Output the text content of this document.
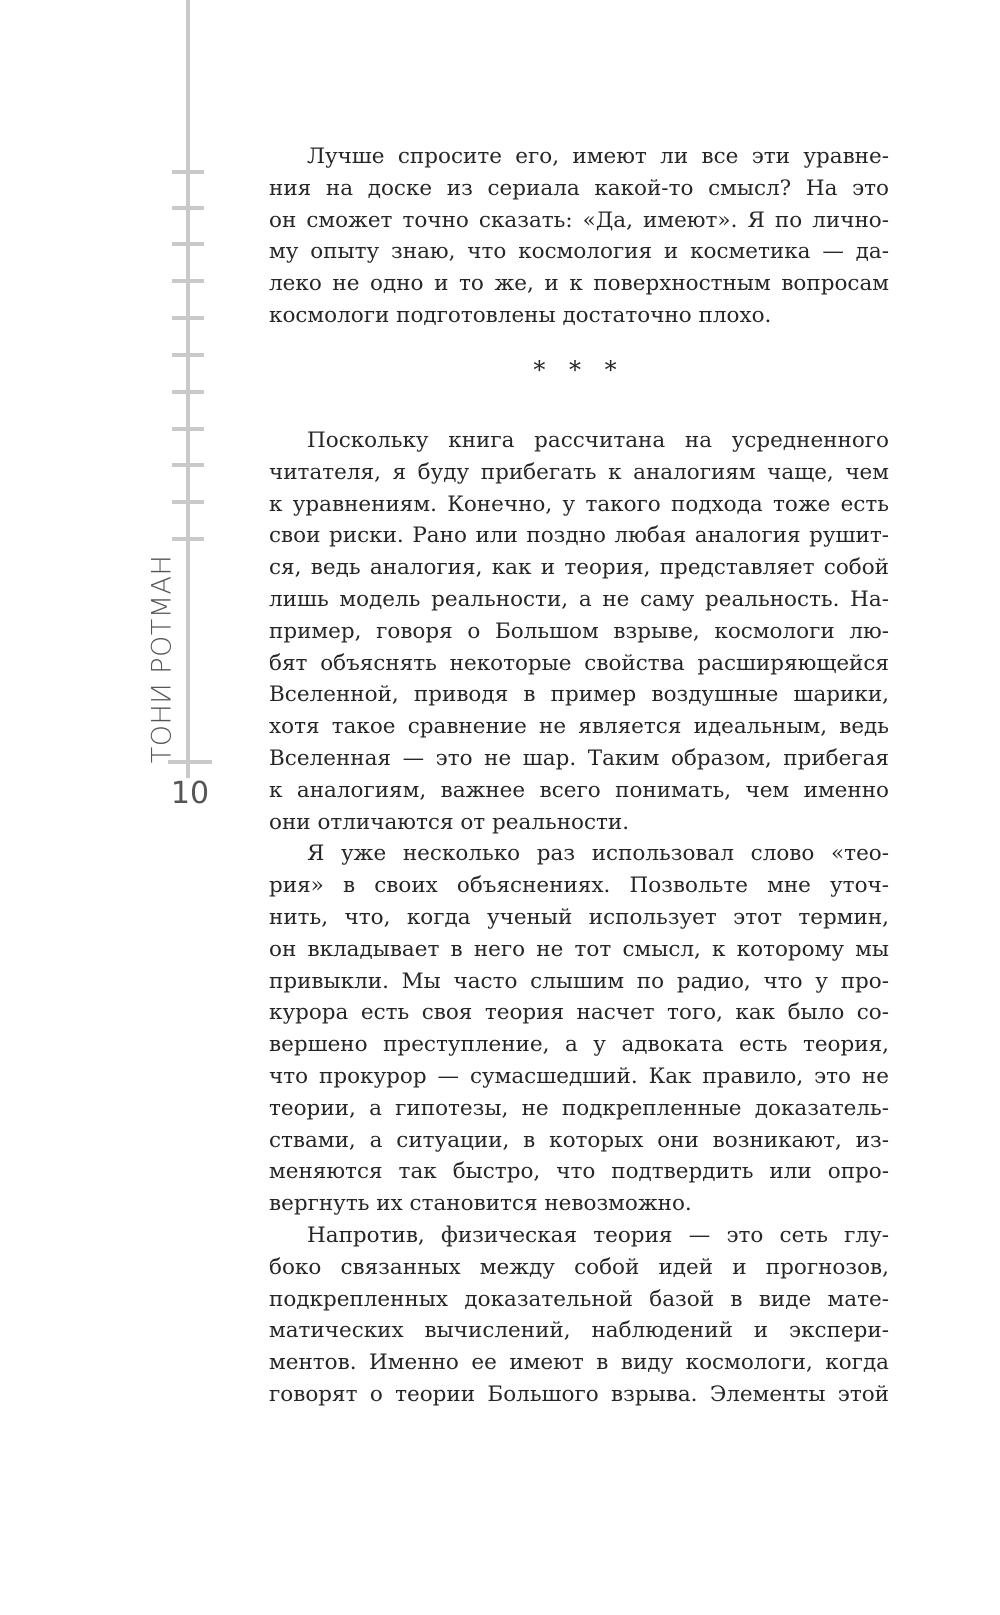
ТОНИ РОТМАН
10
Лучше спросите его, имеют ли все эти уравне-
ния на доске из сериала какой-то смысл? На это
он сможет точно сказать: «Да, имеют». Я по лично-
му опыту знаю, что космология и косметика — да-
леко не одно и то же, и к поверхностным вопросам
космологи подготовлены достаточно плохо.
* * *
Поскольку книга рассчитана на усредненного
читателя, я буду прибегать к аналогиям чаще, чем
к уравнениям. Конечно, у такого подхода тоже есть
свои риски. Рано или поздно любая аналогия рушит-
ся, ведь аналогия, как и теория, представляет собой
лишь модель реальности, а не саму реальность. На-
пример, говоря о Большом взрыве, космологи лю-
бят объяснять некоторые свойства расширяющейся
Вселенной, приводя в пример воздушные шарики,
хотя такое сравнение не является идеальным, ведь
Вселенная — это не шар. Таким образом, прибегая
к аналогиям, важнее всего понимать, чем именно
они отличаются от реальности.
Я уже несколько раз использовал слово «тео-
рия» в своих объяснениях. Позвольте мне уточ-
нить, что, когда ученый использует этот термин,
он вкладывает в него не тот смысл, к которому мы
привыкли. Мы часто слышим по радио, что у про-
курора есть своя теория насчет того, как было со-
вершено преступление, а у адвоката есть теория,
что прокурор — сумасшедший. Как правило, это не
теории, а гипотезы, не подкрепленные доказатель-
ствами, а ситуации, в которых они возникают, из-
меняются так быстро, что подтвердить или опро-
вергнуть их становится невозможно.
Напротив, физическая теория — это сеть глу-
боко связанных между собой идей и прогнозов,
подкрепленных доказательной базой в виде мате-
матических вычислений, наблюдений и экспери-
ментов. Именно ее имеют в виду космологи, когда
говорят о теории Большого взрыва. Элементы этой
